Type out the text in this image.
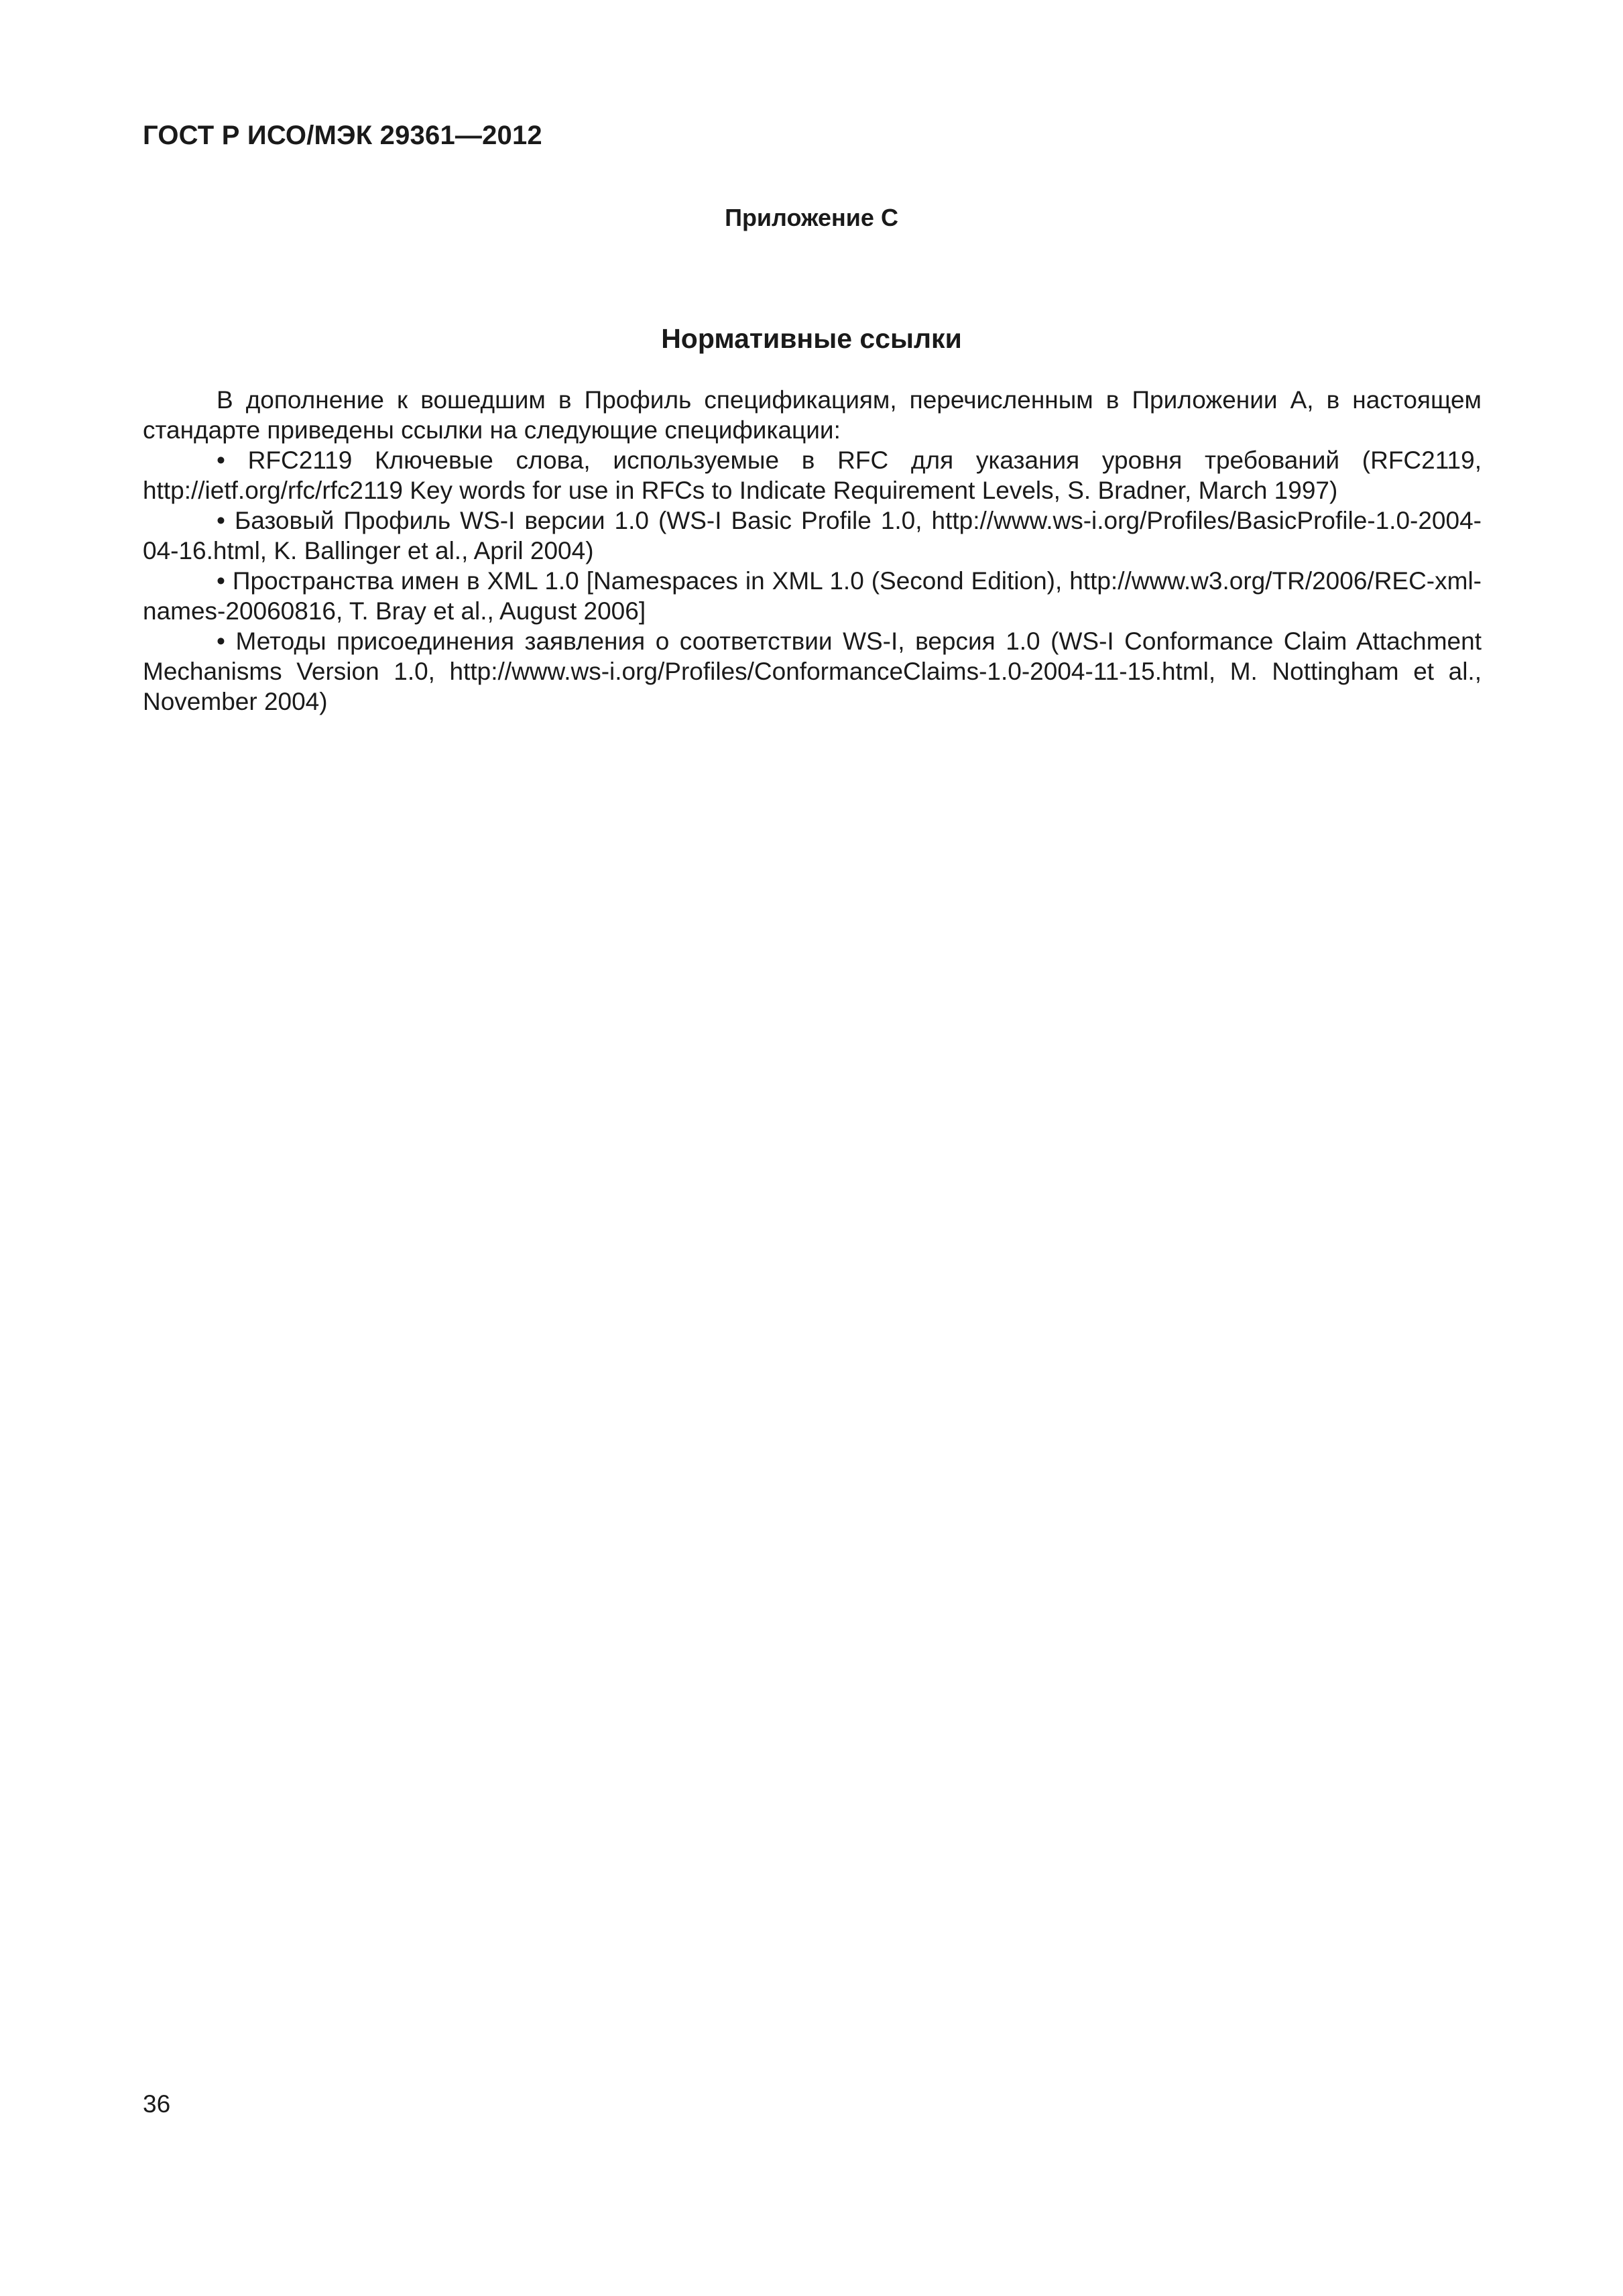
ГОСТ Р ИСО/МЭК 29361—2012
Приложение С
Нормативные ссылки

В дополнение к вошедшим в Профиль спецификациям, перечисленным в Приложении А, в настоящем стандарте приведены ссылки на следующие спецификации:

• RFC2119 Ключевые слова, используемые в RFC для указания уровня требований (RFC2119, http://ietf.org/rfc/rfc2119 Key words for use in RFCs to Indicate Requirement Levels, S. Bradner, March 1997)

• Базовый Профиль WS-I версии 1.0 (WS-I Basic Profile 1.0, http://www.ws-i.org/Profiles/BasicProfile-1.0-2004-04-16.html, K. Ballinger et al., April 2004)

• Пространства имен в XML 1.0 [Namespaces in XML 1.0 (Second Edition), http://www.w3.org/TR/2006/REC-xml-names-20060816, T. Bray et al., August 2006]

• Методы присоединения заявления о соответствии WS-I, версия 1.0 (WS-I Conformance Claim Attachment Mechanisms Version 1.0, http://www.ws-i.org/Profiles/ConformanceClaims-1.0-2004-11-15.html, M. Nottingham et al., November 2004)

36
